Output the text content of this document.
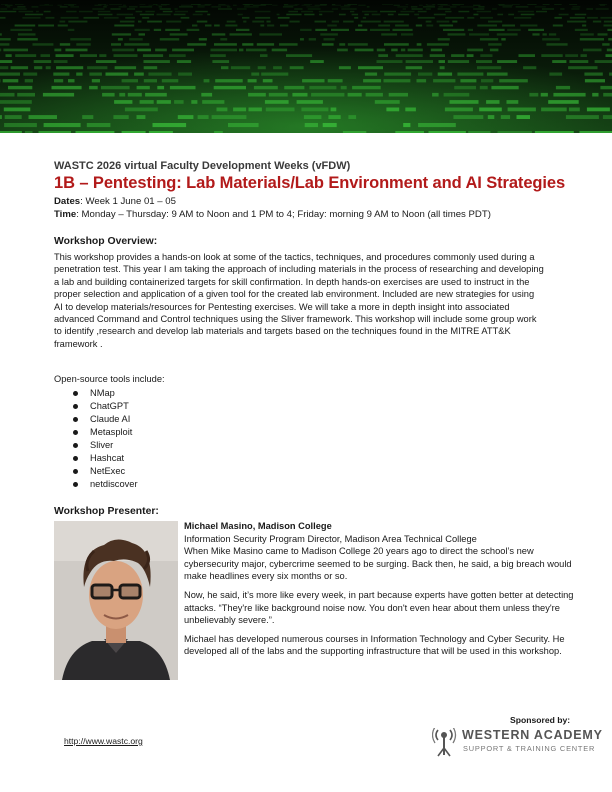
WASTC 2026 virtual Faculty Development Weeks (vFDW)
1B – Pentesting: Lab Materials/Lab Environment and AI Strategies
Dates: Week 1 June 01 – 05
Time: Monday – Thursday: 9 AM to Noon and 1 PM to 4; Friday: morning 9 AM to Noon (all times PDT)
Workshop Overview:
This workshop provides a hands-on look at some of the tactics, techniques, and procedures commonly used during a penetration test. This year I am taking the approach of including materials in the process of researching and developing a lab and building containerized targets for skill confirmation. In depth hands-on exercises are used to instruct in the proper selection and application of a given tool for the created lab environment. Included are new strategies for using AI to develop materials/resources for Pentesting exercises. We will take a more in depth insight into associated advanced Command and Control techniques using the Sliver framework. This workshop will include some group work to identify ,research and develop lab materials and targets based on the techniques found in the MITRE ATT&K framework .
Open-source tools include:
NMap
ChatGPT
Claude AI
Metasploit
Sliver
Hashcat
NetExec
netdiscover
Workshop Presenter:
Michael Masino, Madison College
Information Security Program Director, Madison Area Technical College

When Mike Masino came to Madison College 20 years ago to direct the school’s new cybersecurity major, cybercrime seemed to be surging. Back then, he said, a big breach would make headlines every six months or so.

Now, he said, it’s more like every week, in part because experts have gotten better at detecting attacks. “They're like background noise now. You don't even hear about them unless they're unbelievably severe.”.

Michael has developed numerous courses in Information Technology and Cyber Security. He developed all of the labs and the supporting infrastructure that will be used in this workshop.

http://www.wastc.org
Sponsored by:
WESTERN ACADEMY
SUPPORT & TRAINING CENTER
